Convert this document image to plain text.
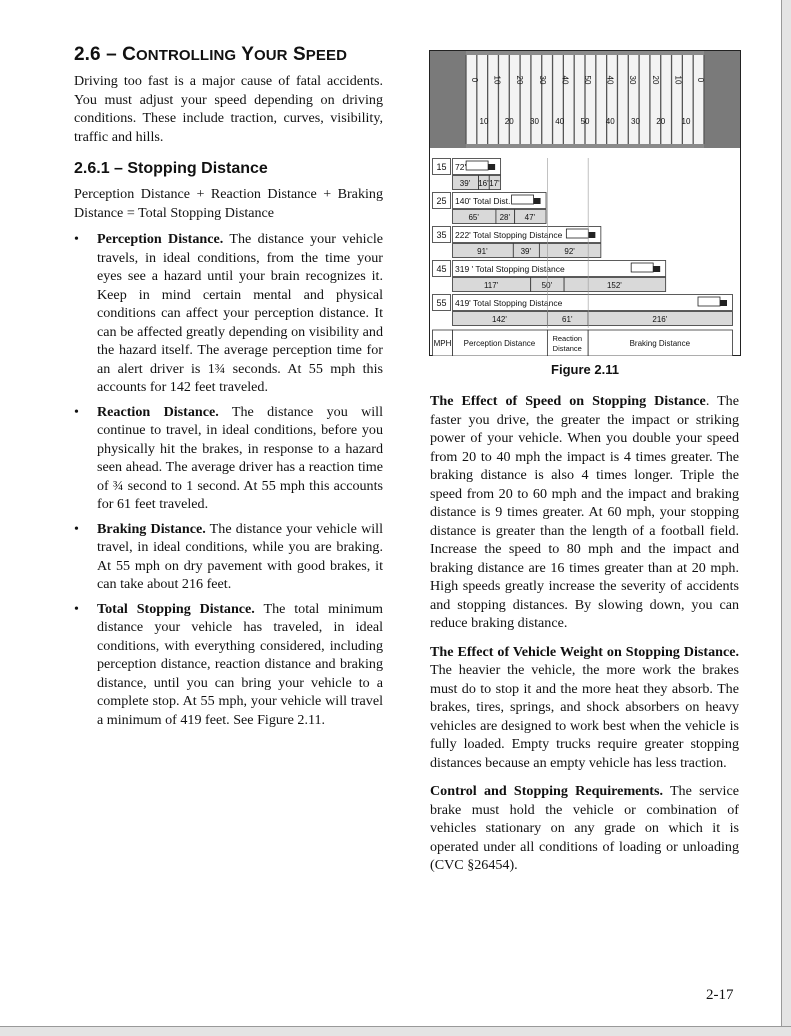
2.6 – CONTROLLING YOUR SPEED

Driving too fast is a major cause of fatal accidents. You must adjust your speed depending on driving conditions. These include traction, curves, visibility, traffic and hills.

2.6.1 – Stopping Distance

Perception Distance + Reaction Distance + Braking Distance = Total Stopping Distance

• Perception Distance. The distance your vehicle travels, in ideal conditions, from the time your eyes see a hazard until your brain recognizes it. Keep in mind certain mental and physical conditions can affect your perception distance. It can be affected greatly depending on visibility and the hazard itself. The average perception time for an alert driver is 1¾ seconds. At 55 mph this accounts for 142 feet traveled.
• Reaction Distance. The distance you will continue to travel, in ideal conditions, before you physically hit the brakes, in response to a hazard seen ahead. The average driver has a reaction time of ¾ second to 1 second. At 55 mph this accounts for 61 feet traveled.
• Braking Distance. The distance your vehicle will travel, in ideal conditions, while you are braking. At 55 mph on dry pavement with good brakes, it can take about 216 feet.
• Total Stopping Distance. The total minimum distance your vehicle has traveled, in ideal conditions, with everything considered, including perception distance, reaction distance and braking distance, until you can bring your vehicle to a complete stop. At 55 mph, your vehicle will travel a minimum of 419 feet. See Figure 2.11.
0 10 20 30 40 50 40 30 20 10 0
10 20 30 40 50 40 30 20 10
15 72'
39' 16' 17'
25 140' Total Dist.
65'	28' 47'
35 222' Total Stopping Distance
91'	39'	92'
45 319 ' Total Stopping Distance
117'	50'	152'
55 419' Total Stopping Distance
142'	61'	216'
MPH Perception Distance
Reaction
Distance
Braking Distance
Figure 2.11

The Effect of Speed on Stopping Distance. The faster you drive, the greater the impact or striking power of your vehicle. When you double your speed from 20 to 40 mph the impact is 4 times greater. The braking distance is also 4 times longer. Triple the speed from 20 to 60 mph and the impact and braking distance is 9 times greater. At 60 mph, your stopping distance is greater than the length of a football field. Increase the speed to 80 mph and the impact and braking distance are 16 times greater than at 20 mph. High speeds greatly increase the severity of accidents and stopping distances. By slowing down, you can reduce braking distance.

The Effect of Vehicle Weight on Stopping Distance. The heavier the vehicle, the more work the brakes must do to stop it and the more heat they absorb. The brakes, tires, springs, and shock absorbers on heavy vehicles are designed to work best when the vehicle is fully loaded. Empty trucks require greater stopping distances because an empty vehicle has less traction.

Control and Stopping Requirements. The service brake must hold the vehicle or combination of vehicles stationary on any grade on which it is operated under all conditions of loading or unloading (CVC §26454).

2-17
